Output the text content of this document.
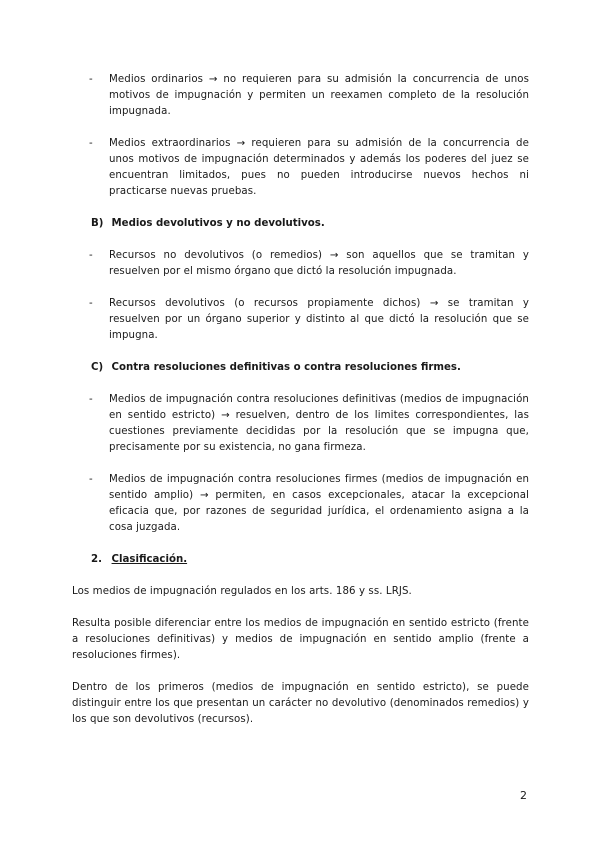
-	Medios ordinarios → no requieren para su admisión la concurrencia de unos motivos de impugnación y permiten un reexamen completo de la resolución impugnada.
-	Medios extraordinarios → requieren para su admisión de la concurrencia de unos motivos de impugnación determinados y además los poderes del juez se encuentran limitados, pues no pueden introducirse nuevos hechos ni practicarse nuevas pruebas.
B) Medios devolutivos y no devolutivos.
-	Recursos no devolutivos (o remedios) → son aquellos que se tramitan y resuelven por el mismo órgano que dictó la resolución impugnada.
-	Recursos devolutivos (o recursos propiamente dichos) → se tramitan y resuelven por un órgano superior y distinto al que dictó la resolución que se impugna.
C) Contra resoluciones definitivas o contra resoluciones firmes.
-	Medios de impugnación contra resoluciones definitivas (medios de impugnación en sentido estricto) → resuelven, dentro de los limites correspondientes, las cuestiones previamente decididas por la resolución que se impugna que, precisamente por su existencia, no gana firmeza.
-	Medios de impugnación contra resoluciones firmes (medios de impugnación en sentido amplio) → permiten, en casos excepcionales, atacar la excepcional eficacia que, por razones de seguridad jurídica, el ordenamiento asigna a la cosa juzgada.
2. Clasificación.
Los medios de impugnación regulados en los arts. 186 y ss. LRJS.
Resulta posible diferenciar entre los medios de impugnación en sentido estricto (frente a resoluciones definitivas) y medios de impugnación en sentido amplio (frente a resoluciones firmes).
Dentro de los primeros (medios de impugnación en sentido estricto), se puede distinguir entre los que presentan un carácter no devolutivo (denominados remedios) y los que son devolutivos (recursos).
2
